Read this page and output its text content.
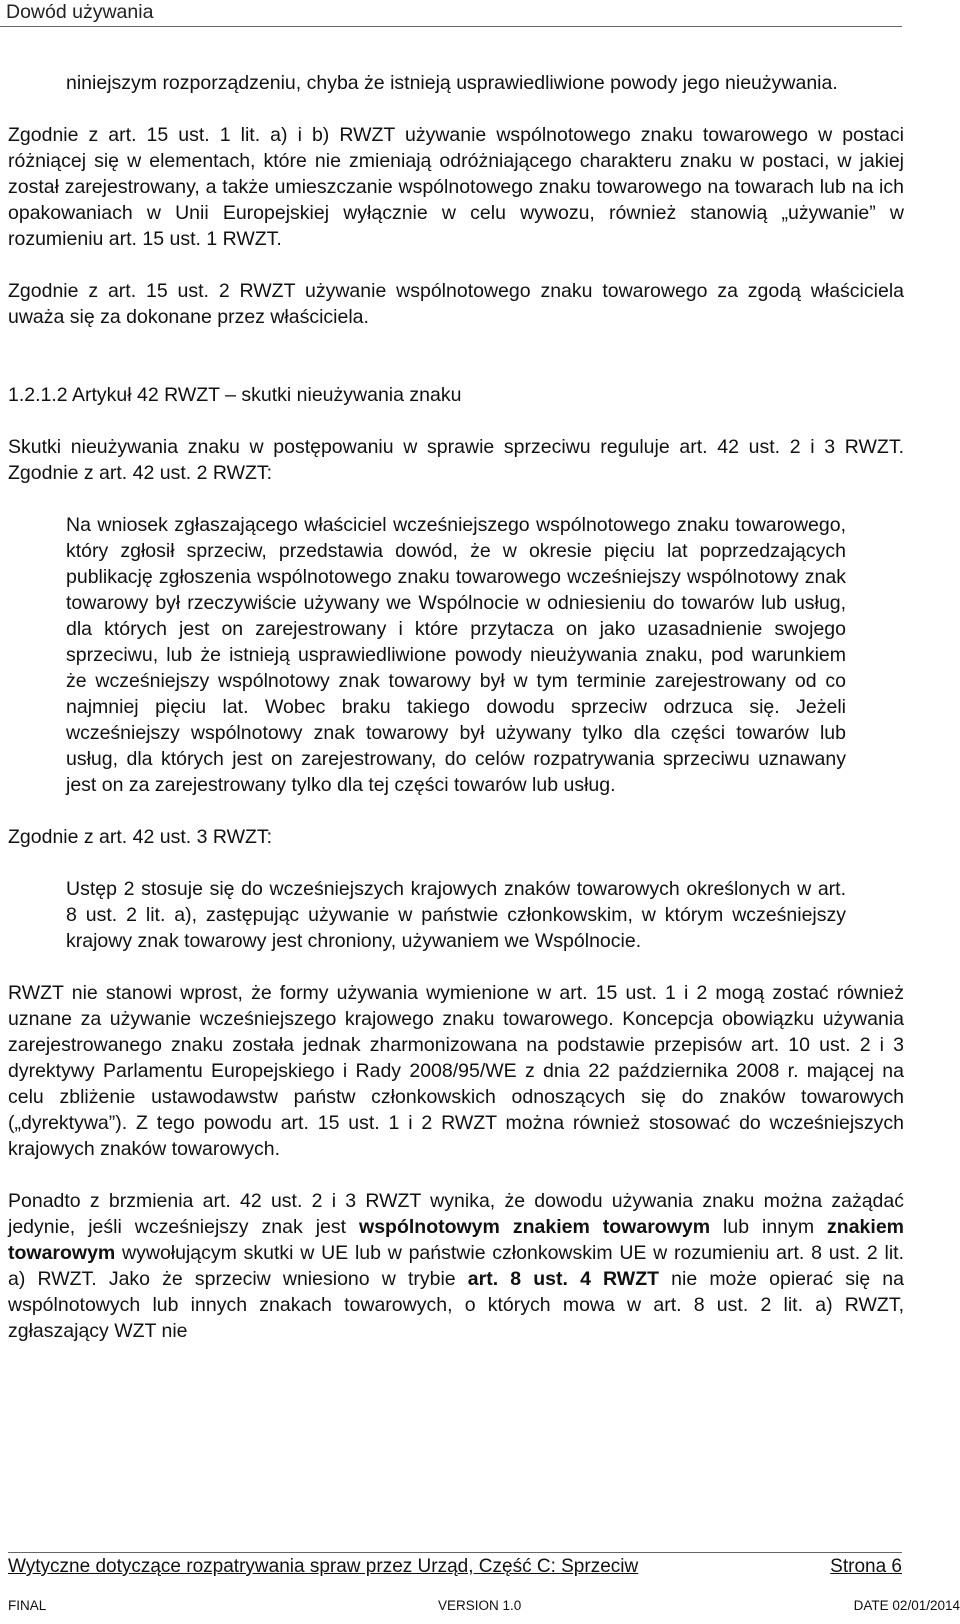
Dowód używania

niniejszym rozporządzeniu, chyba że istnieją usprawiedliwione powody jego nieużywania.

Zgodnie z art. 15 ust. 1 lit. a) i b) RWZT używanie wspólnotowego znaku towarowego w postaci różniącej się w elementach, które nie zmieniają odróżniającego charakteru znaku w postaci, w jakiej został zarejestrowany, a także umieszczanie wspólnotowego znaku towarowego na towarach lub na ich opakowaniach w Unii Europejskiej wyłącznie w celu wywozu, również stanowią „używanie” w rozumieniu art. 15 ust. 1 RWZT.

Zgodnie z art. 15 ust. 2 RWZT używanie wspólnotowego znaku towarowego za zgodą właściciela uważa się za dokonane przez właściciela.

1.2.1.2 Artykuł 42 RWZT – skutki nieużywania znaku

Skutki nieużywania znaku w postępowaniu w sprawie sprzeciwu reguluje art. 42 ust. 2 i 3 RWZT. Zgodnie z art. 42 ust. 2 RWZT:

Na wniosek zgłaszającego właściciel wcześniejszego wspólnotowego znaku towarowego, który zgłosił sprzeciw, przedstawia dowód, że w okresie pięciu lat poprzedzających publikację zgłoszenia wspólnotowego znaku towarowego wcześniejszy wspólnotowy znak towarowy był rzeczywiście używany we Wspólnocie w odniesieniu do towarów lub usług, dla których jest on zarejestrowany i które przytacza on jako uzasadnienie swojego sprzeciwu, lub że istnieją usprawiedliwione powody nieużywania znaku, pod warunkiem że wcześniejszy wspólnotowy znak towarowy był w tym terminie zarejestrowany od co najmniej pięciu lat. Wobec braku takiego dowodu sprzeciw odrzuca się. Jeżeli wcześniejszy wspólnotowy znak towarowy był używany tylko dla części towarów lub usług, dla których jest on zarejestrowany, do celów rozpatrywania sprzeciwu uznawany jest on za zarejestrowany tylko dla tej części towarów lub usług.

Zgodnie z art. 42 ust. 3 RWZT:

Ustęp 2 stosuje się do wcześniejszych krajowych znaków towarowych określonych w art. 8 ust. 2 lit. a), zastępując używanie w państwie członkowskim, w którym wcześniejszy krajowy znak towarowy jest chroniony, używaniem we Wspólnocie.

RWZT nie stanowi wprost, że formy używania wymienione w art. 15 ust. 1 i 2 mogą zostać również uznane za używanie wcześniejszego krajowego znaku towarowego. Koncepcja obowiązku używania zarejestrowanego znaku została jednak zharmonizowana na podstawie przepisów art. 10 ust. 2 i 3 dyrektywy Parlamentu Europejskiego i Rady 2008/95/WE z dnia 22 października 2008 r. mającej na celu zbliżenie ustawodawstw państw członkowskich odnoszących się do znaków towarowych („dyrektywa”). Z tego powodu art. 15 ust. 1 i 2 RWZT można również stosować do wcześniejszych krajowych znaków towarowych.

Ponadto z brzmienia art. 42 ust. 2 i 3 RWZT wynika, że dowodu używania znaku można zażądać jedynie, jeśli wcześniejszy znak jest wspólnotowym znakiem towarowym lub innym znakiem towarowym wywołującym skutki w UE lub w państwie członkowskim UE w rozumieniu art. 8 ust. 2 lit. a) RWZT. Jako że sprzeciw wniesiono w trybie art. 8 ust. 4 RWZT nie może opierać się na wspólnotowych lub innych znakach towarowych, o których mowa w art. 8 ust. 2 lit. a) RWZT, zgłaszający WZT nie

Wytyczne dotyczące rozpatrywania spraw przez Urząd, Część C: Sprzeciw	Strona 6
FINAL	VERSION 1.0	DATE 02/01/2014
